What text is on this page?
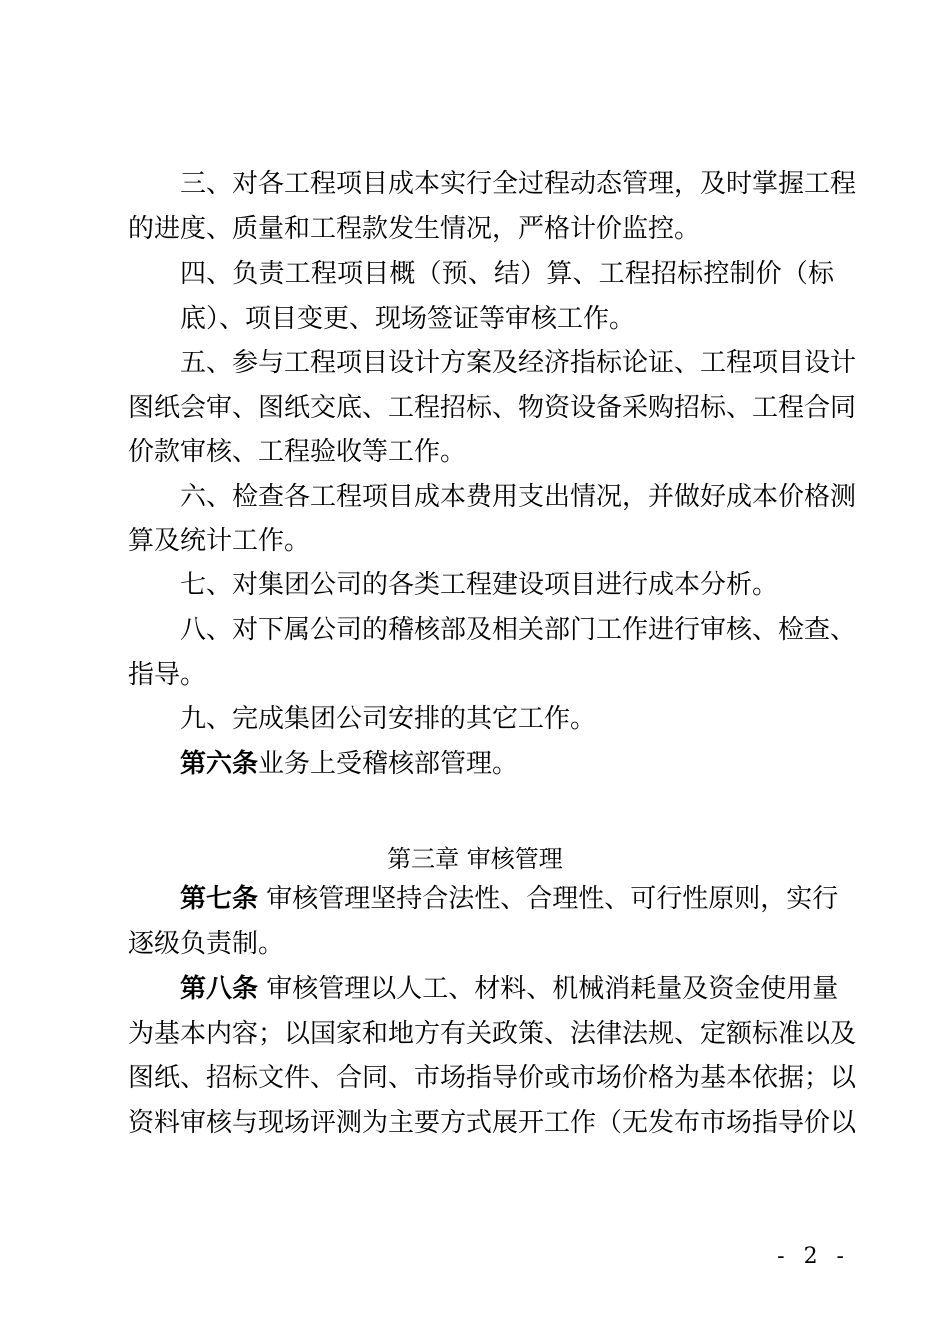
三、对各工程项目成本实行全过程动态管理，及时掌握工程
的进度、质量和工程款发生情况，严格计价监控。
四、负责工程项目概（预、结）算、工程招标控制价（标
底）、项目变更、现场签证等审核工作。
五、参与工程项目设计方案及经济指标论证、工程项目设计
图纸会审、图纸交底、工程招标、物资设备采购招标、工程合同
价款审核、工程验收等工作。
六、检查各工程项目成本费用支出情况，并做好成本价格测
算及统计工作。
七、对集团公司的各类工程建设项目进行成本分析。
八、对下属公司的稽核部及相关部门工作进行审核、检查、
指导。
九、完成集团公司安排的其它工作。
第六条业务上受稽核部管理。
第三章 审核管理
第七条 审核管理坚持合法性、合理性、可行性原则，实行
逐级负责制。
第八条 审核管理以人工、材料、机械消耗量及资金使用量
为基本内容；以国家和地方有关政策、法律法规、定额标准以及
图纸、招标文件、合同、市场指导价或市场价格为基本依据；以
资料审核与现场评测为主要方式展开工作（无发布市场指导价以
- 2 -
